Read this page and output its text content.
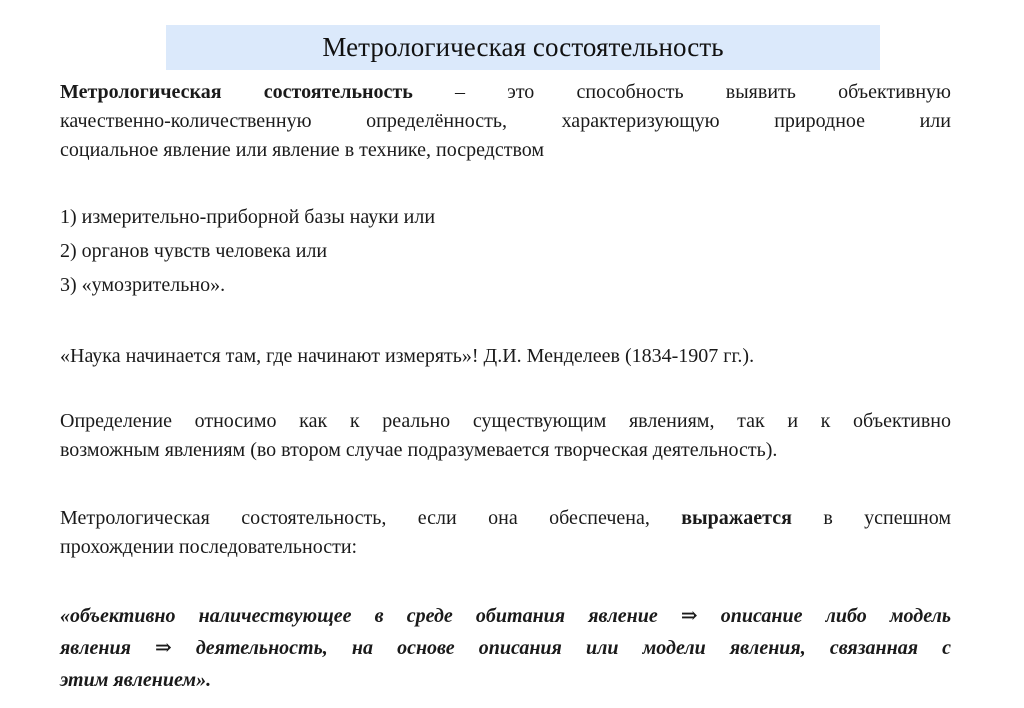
Метрологическая состоятельность
Метрологическая состоятельность – это способность выявить объективную
качественно-количественную определённость, характеризующую природное или
социальное явление или явление в технике, посредством
1) измерительно-приборной базы науки или
2) органов чувств человека или
3) «умозрительно».
«Наука начинается там, где начинают измерять»! Д.И. Менделеев (1834-1907 гг.).
Определение относимо как к реально существующим явлениям, так и к объективно
возможным явлениям (во втором случае подразумевается творческая деятельность).
Метрологическая состоятельность, если она обеспечена, выражается в успешном
прохождении последовательности:
«объективно наличествующее в среде обитания явление ⇒ описание либо модель
явления ⇒ деятельность, на основе описания или модели явления, связанная с
этим явлением».
